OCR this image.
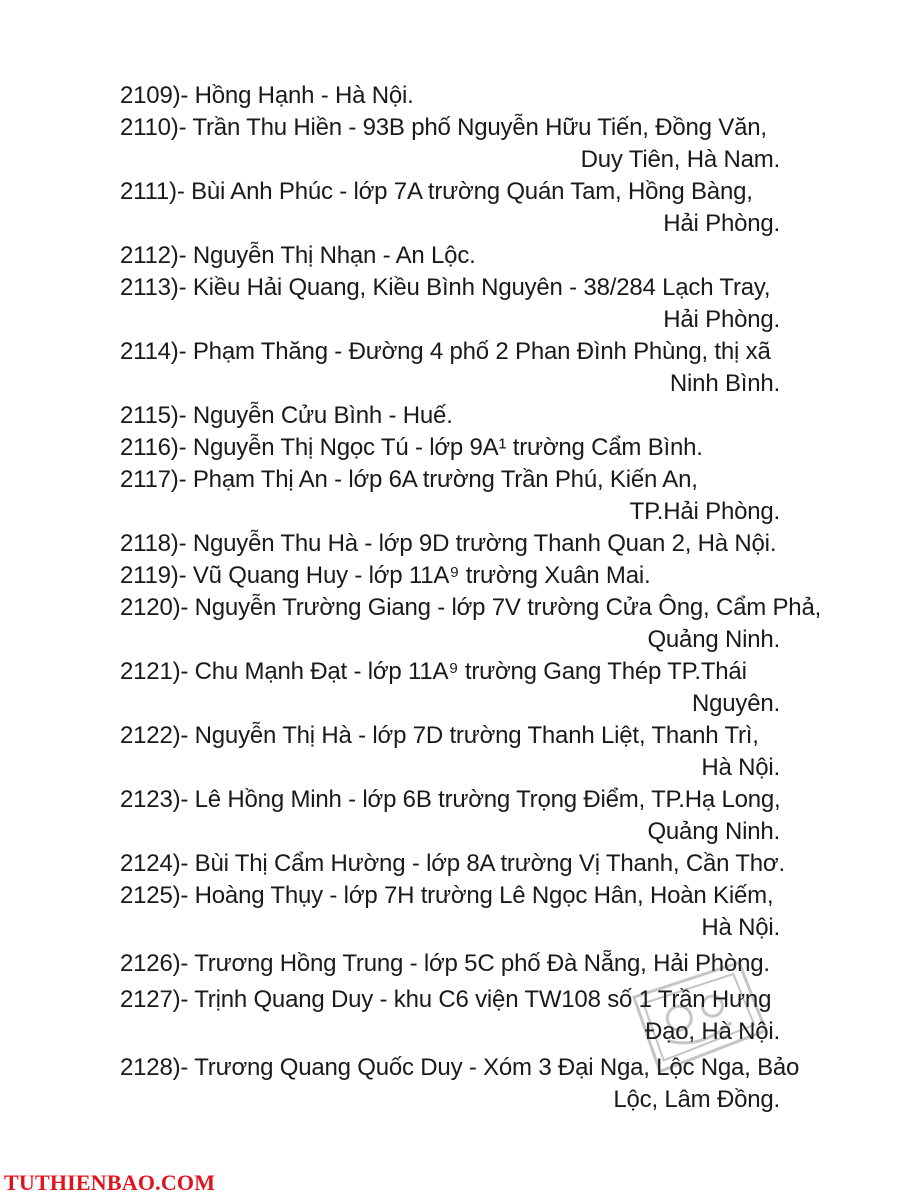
2109)- Hồng Hạnh - Hà Nội.
2110)- Trần Thu Hiền - 93B phố Nguyễn Hữu Tiến, Đồng Văn,
Duy Tiên, Hà Nam.
2111)- Bùi Anh Phúc - lớp 7A trường Quán Tam, Hồng Bàng,
Hải Phòng.
2112)- Nguyễn Thị Nhạn - An Lộc.
2113)- Kiều Hải Quang, Kiều Bình Nguyên - 38/284 Lạch Tray,
Hải Phòng.
2114)- Phạm Thăng - Đường 4 phố 2 Phan Đình Phùng, thị xã
Ninh Bình.
2115)- Nguyễn Cửu Bình - Huế.
2116)- Nguyễn Thị Ngọc Tú - lớp 9A¹ trường Cẩm Bình.
2117)- Phạm Thị An - lớp 6A trường Trần Phú, Kiến An,
TP.Hải Phòng.
2118)- Nguyễn Thu Hà - lớp 9D trường Thanh Quan 2, Hà Nội.
2119)- Vũ Quang Huy - lớp 11A⁹ trường Xuân Mai.
2120)- Nguyễn Trường Giang - lớp 7V trường Cửa Ông, Cẩm Phả,
Quảng Ninh.
2121)- Chu Mạnh Đạt - lớp 11A⁹ trường Gang Thép TP.Thái
Nguyên.
2122)- Nguyễn Thị Hà - lớp 7D trường Thanh Liệt, Thanh Trì,
Hà Nội.
2123)- Lê Hồng Minh - lớp 6B trường Trọng Điểm, TP.Hạ Long,
Quảng Ninh.
2124)- Bùi Thị Cẩm Hường - lớp 8A trường Vị Thanh, Cần Thơ.
2125)- Hoàng Thụy - lớp 7H trường Lê Ngọc Hân, Hoàn Kiếm,
Hà Nội.
2126)- Trương Hồng Trung - lớp 5C phố Đà Nẵng, Hải Phòng.
2127)- Trịnh Quang Duy - khu C6 viện TW108 số 1 Trần Hưng
Đạo, Hà Nội.
2128)- Trương Quang Quốc Duy - Xóm 3 Đại Nga, Lộc Nga, Bảo
Lộc, Lâm Đồng.
TUTHIENBAO.COM
